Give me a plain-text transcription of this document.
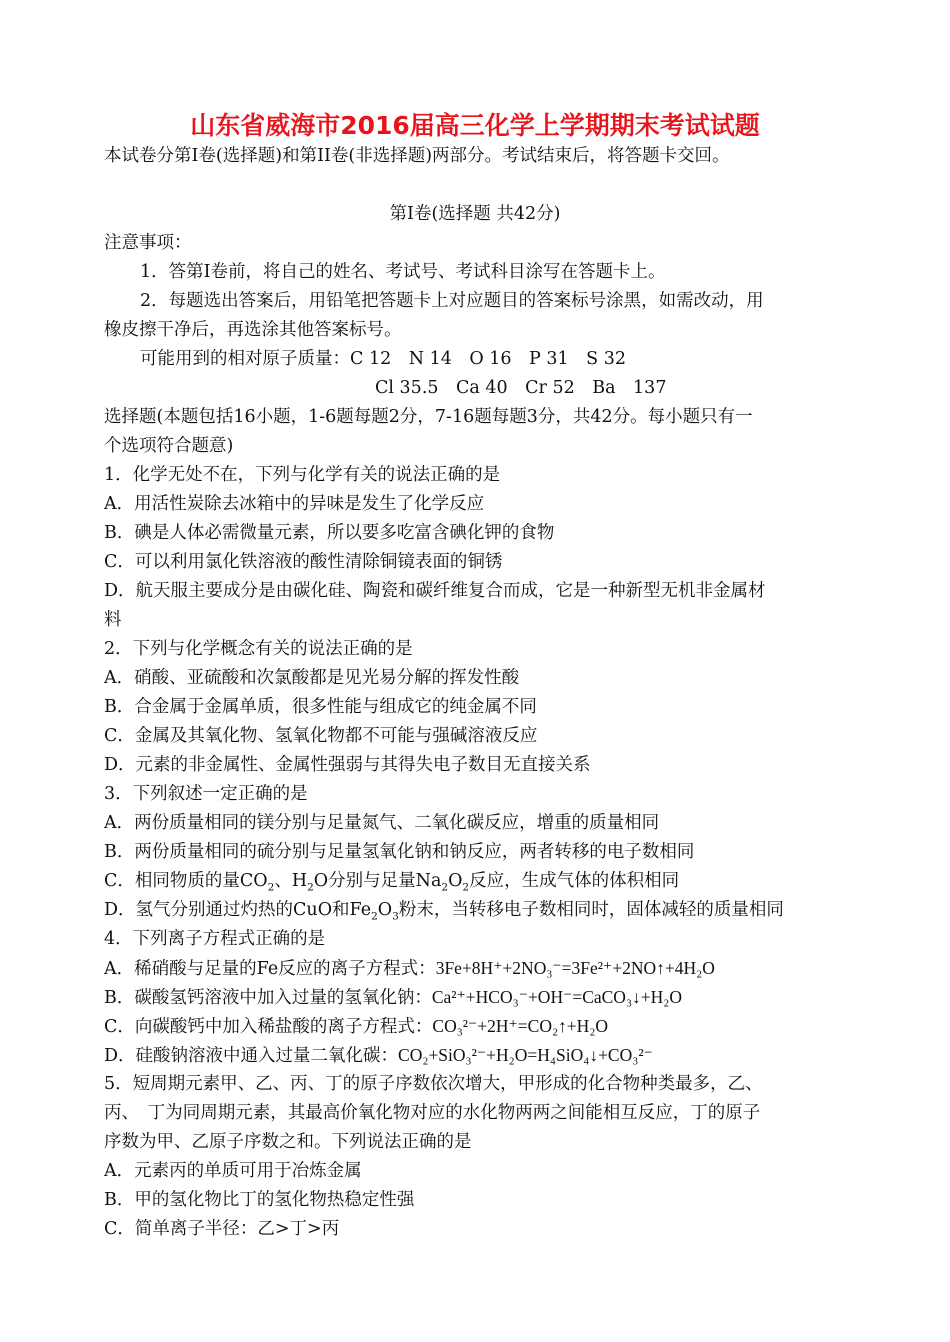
山东省威海市2016届高三化学上学期期末考试试题
本试卷分第I卷(选择题)和第II卷(非选择题)两部分。考试结束后，将答题卡交回。
第I卷(选择题 共42分)
注意事项：
1．答第I卷前，将自己的姓名、考试号、考试科目涂写在答题卡上。
2．每题选出答案后，用铅笔把答题卡上对应题目的答案标号涂黑，如需改动，用
橡皮擦干净后，再选涂其他答案标号。
可能用到的相对原子质量：C 12　N 14　O 16　P 31　S 32
Cl 35.5　Ca 40　Cr 52　Ba　137
选择题(本题包括16小题，1-6题每题2分，7-16题每题3分，共42分。每小题只有一
个选项符合题意)
1．化学无处不在，下列与化学有关的说法正确的是
A．用活性炭除去冰箱中的异味是发生了化学反应
B．碘是人体必需微量元素，所以要多吃富含碘化钾的食物
C．可以利用氯化铁溶液的酸性清除铜镜表面的铜锈
D．航天服主要成分是由碳化硅、陶瓷和碳纤维复合而成，它是一种新型无机非金属材
料
2．下列与化学概念有关的说法正确的是
A．硝酸、亚硫酸和次氯酸都是见光易分解的挥发性酸
B．合金属于金属单质，很多性能与组成它的纯金属不同
C．金属及其氧化物、氢氧化物都不可能与强碱溶液反应
D．元素的非金属性、金属性强弱与其得失电子数目无直接关系
3．下列叙述一定正确的是
A．两份质量相同的镁分别与足量氮气、二氧化碳反应，增重的质量相同
B．两份质量相同的硫分别与足量氢氧化钠和钠反应，两者转移的电子数相同
C．相同物质的量$CO_2$、$H_2O$分别与足量$Na_2O_2$反应，生成气体的体积相同
D．氢气分别通过灼热的CuO和$Fe_2O_3$粉末，当转移电子数相同时，固体减轻的质量相同
4．下列离子方程式正确的是
A．稀硝酸与足量的Fe反应的离子方程式：3Fe+8H⁺+2NO₃⁻=3Fe²⁺+2NO↑+4H₂O
B．碳酸氢钙溶液中加入过量的氢氧化钠：Ca²⁺+HCO₃⁻+OH⁻=CaCO₃↓+H₂O
C．向碳酸钙中加入稀盐酸的离子方程式：CO₃²⁻+2H⁺=CO₂↑+H₂O
D．硅酸钠溶液中通入过量二氧化碳：CO₂+SiO₃²⁻+H₂O=H₄SiO₄↓+CO₃²⁻
5．短周期元素甲、乙、丙、丁的原子序数依次增大，甲形成的化合物种类最多，乙、
丙、　丁为同周期元素，其最高价氧化物对应的水化物两两之间能相互反应，丁的原子
序数为甲、乙原子序数之和。下列说法正确的是
A．元素丙的单质可用于冶炼金属
B．甲的氢化物比丁的氢化物热稳定性强
C．简单离子半径：乙>丁>丙
